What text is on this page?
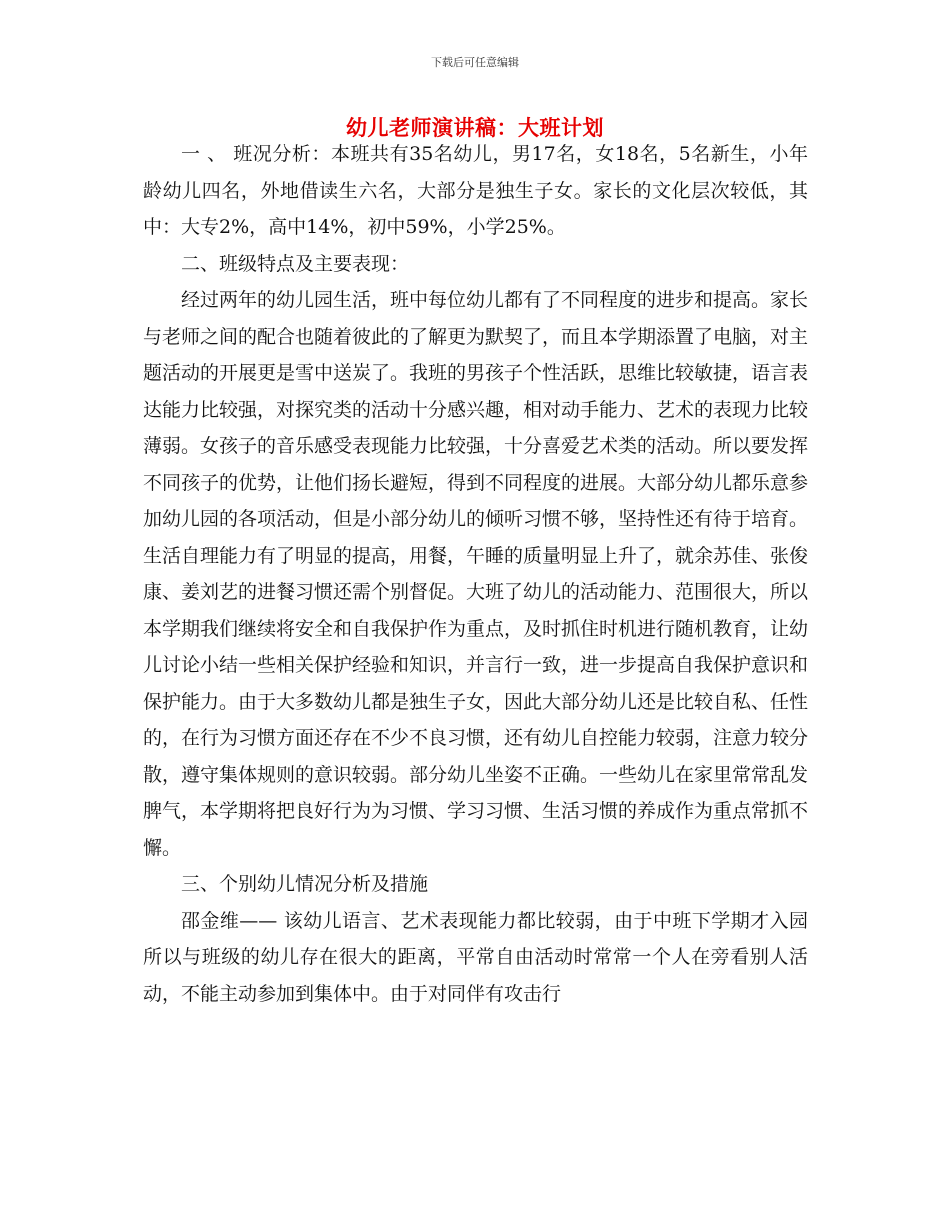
下载后可任意编辑
幼儿老师演讲稿：大班计划

一 、 班况分析：本班共有35名幼儿，男17名，女18名，5名新生，小年龄幼儿四名，外地借读生六名，大部分是独生子女。家长的文化层次较低，其中：大专2%，高中14%，初中59%，小学25%。

二、班级特点及主要表现：

经过两年的幼儿园生活，班中每位幼儿都有了不同程度的进步和提高。家长与老师之间的配合也随着彼此的了解更为默契了，而且本学期添置了电脑，对主题活动的开展更是雪中送炭了。我班的男孩子个性活跃，思维比较敏捷，语言表达能力比较强，对探究类的活动十分感兴趣，相对动手能力、艺术的表现力比较薄弱。女孩子的音乐感受表现能力比较强，十分喜爱艺术类的活动。所以要发挥不同孩子的优势，让他们扬长避短，得到不同程度的进展。大部分幼儿都乐意参加幼儿园的各项活动，但是小部分幼儿的倾听习惯不够，坚持性还有待于培育。生活自理能力有了明显的提高，用餐，午睡的质量明显上升了，就余苏佳、张俊康、姜刘艺的进餐习惯还需个别督促。大班了幼儿的活动能力、范围很大，所以本学期我们继续将安全和自我保护作为重点，及时抓住时机进行随机教育，让幼儿讨论小结一些相关保护经验和知识，并言行一致，进一步提高自我保护意识和保护能力。由于大多数幼儿都是独生子女，因此大部分幼儿还是比较自私、任性的，在行为习惯方面还存在不少不良习惯，还有幼儿自控能力较弱，注意力较分散，遵守集体规则的意识较弱。部分幼儿坐姿不正确。一些幼儿在家里常常乱发脾气，本学期将把良好行为为习惯、学习习惯、生活习惯的养成作为重点常抓不懈。

三、个别幼儿情况分析及措施

邵金维—— 该幼儿语言、艺术表现能力都比较弱，由于中班下学期才入园所以与班级的幼儿存在很大的距离，平常自由活动时常常一个人在旁看别人活动，不能主动参加到集体中。由于对同伴有攻击行
